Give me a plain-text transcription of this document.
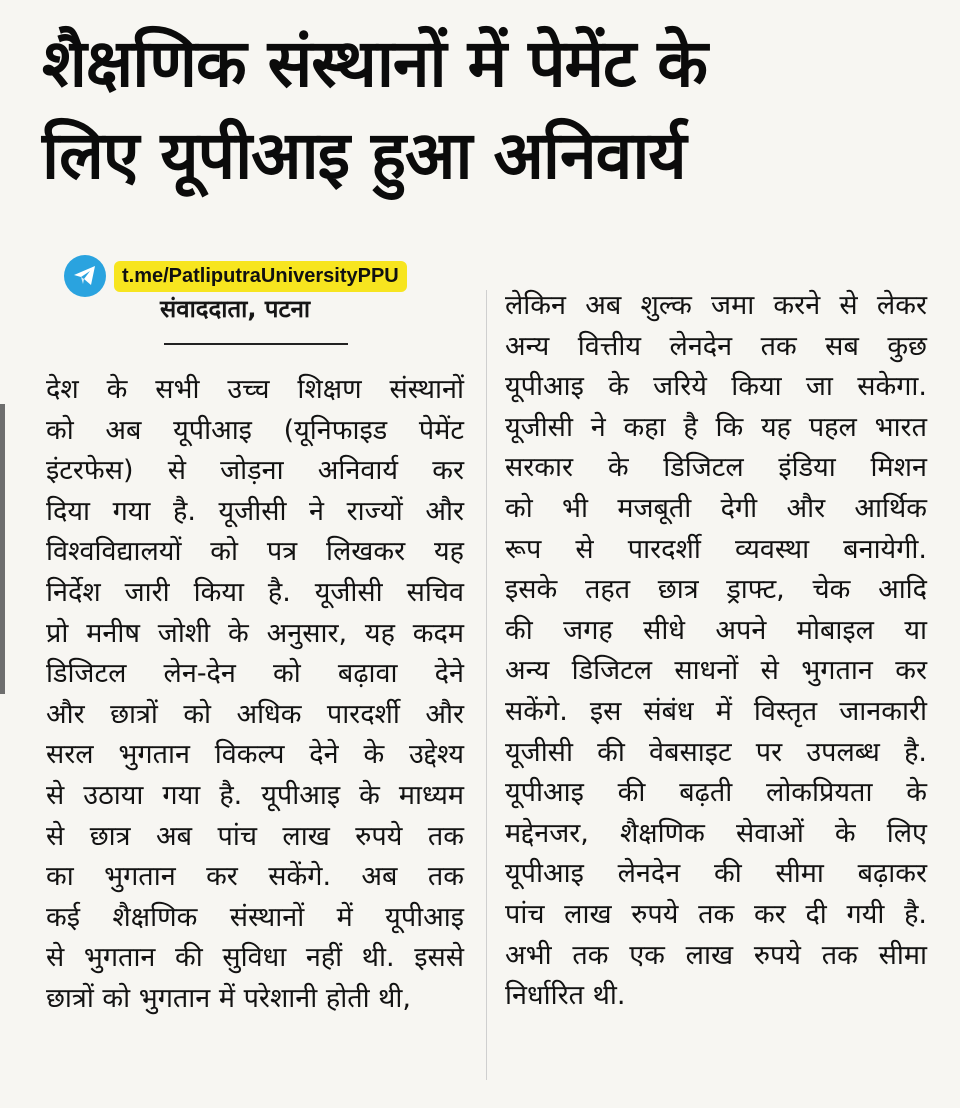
शैक्षणिक संस्थानों में पेमेंट के
लिए यूपीआइ हुआ अनिवार्य
t.me/PatliputraUniversityPPU
संवाददाता, पटना
देश के सभी उच्च शिक्षण संस्थानों
को अब यूपीआइ (यूनिफाइड पेमेंट
इंटरफेस) से जोड़ना अनिवार्य कर
दिया गया है. यूजीसी ने राज्यों और
विश्वविद्यालयों को पत्र लिखकर यह
निर्देश जारी किया है. यूजीसी सचिव
प्रो मनीष जोशी के अनुसार, यह कदम
डिजिटल लेन-देन को बढ़ावा देने
और छात्रों को अधिक पारदर्शी और
सरल भुगतान विकल्प देने के उद्देश्य
से उठाया गया है. यूपीआइ के माध्यम
से छात्र अब पांच लाख रुपये तक
का भुगतान कर सकेंगे. अब तक
कई शैक्षणिक संस्थानों में यूपीआइ
से भुगतान की सुविधा नहीं थी. इससे
छात्रों को भुगतान में परेशानी होती थी,
लेकिन अब शुल्क जमा करने से लेकर
अन्य वित्तीय लेनदेन तक सब कुछ
यूपीआइ के जरिये किया जा सकेगा.
यूजीसी ने कहा है कि यह पहल भारत
सरकार के डिजिटल इंडिया मिशन
को भी मजबूती देगी और आर्थिक
रूप से पारदर्शी व्यवस्था बनायेगी.
इसके तहत छात्र ड्राफ्ट, चेक आदि
की जगह सीधे अपने मोबाइल या
अन्य डिजिटल साधनों से भुगतान कर
सकेंगे. इस संबंध में विस्तृत जानकारी
यूजीसी की वेबसाइट पर उपलब्ध है.
यूपीआइ की बढ़ती लोकप्रियता के
मद्देनजर, शैक्षणिक सेवाओं के लिए
यूपीआइ लेनदेन की सीमा बढ़ाकर
पांच लाख रुपये तक कर दी गयी है.
अभी तक एक लाख रुपये तक सीमा
निर्धारित थी.
